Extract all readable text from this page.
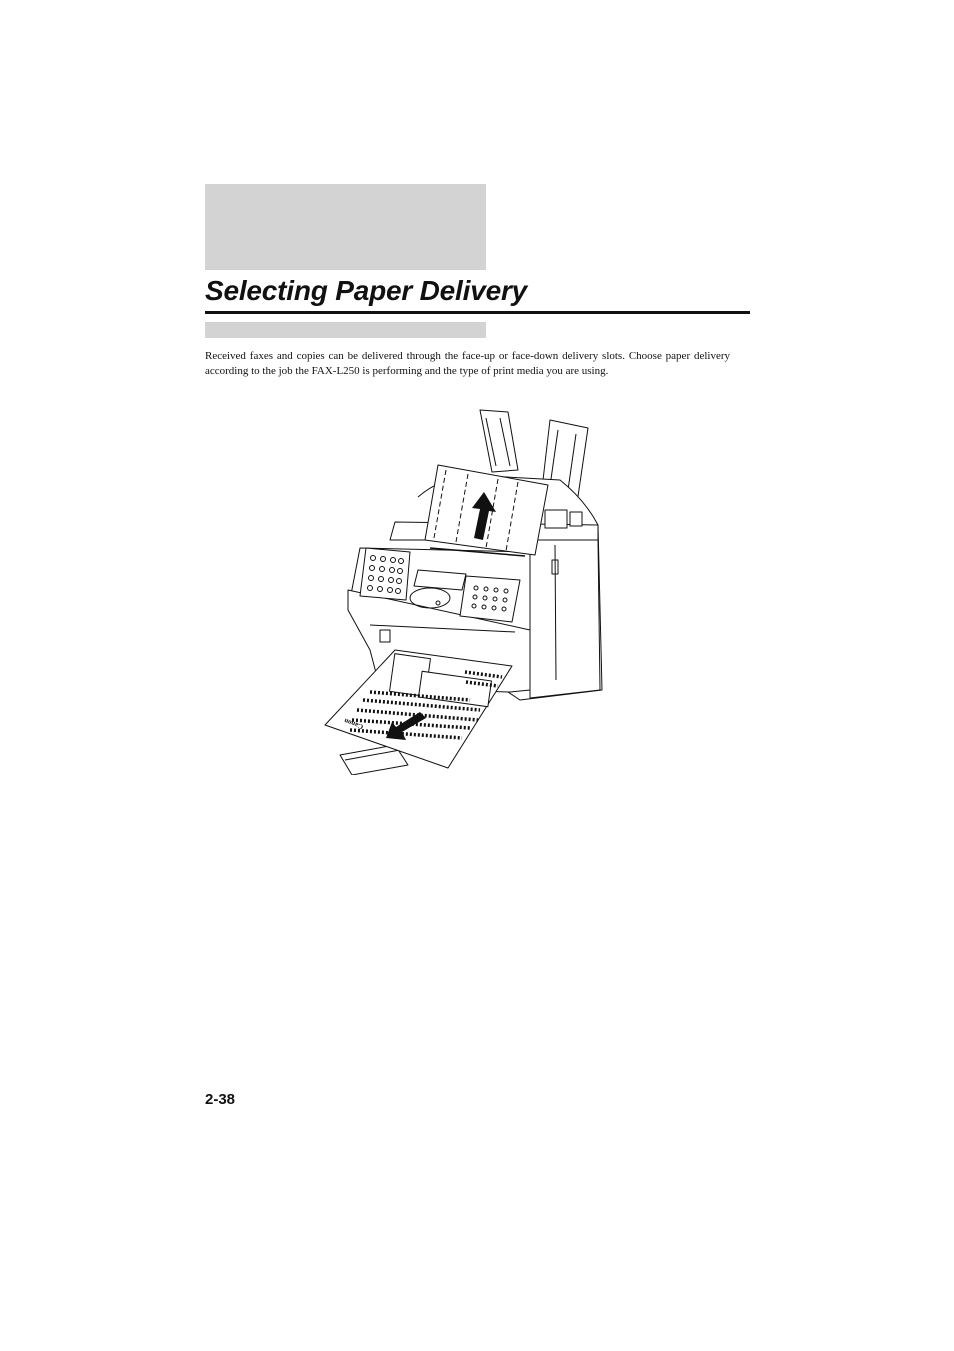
Selecting Paper Delivery

Received faxes and copies can be delivered through the face-up or face-down delivery slots. Choose paper delivery according to the job the FAX-L250 is performing and the type of print media you are using.

Canon
2-38
